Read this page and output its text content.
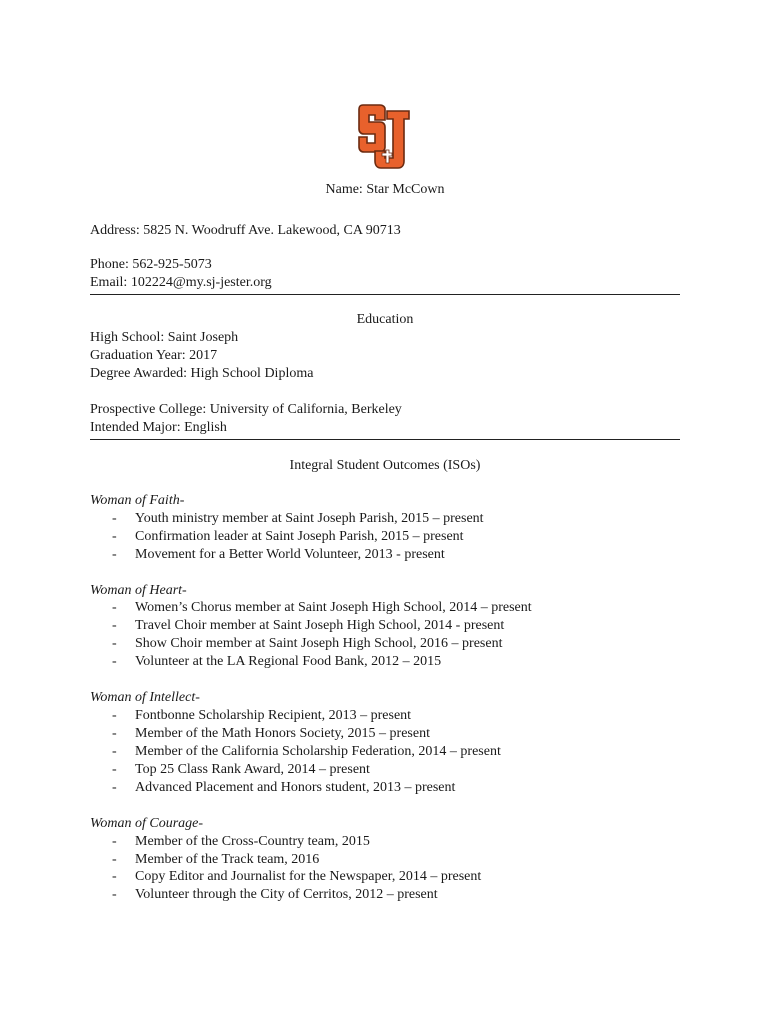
Name: Star McCown
Address: 5825 N. Woodruff Ave. Lakewood, CA 90713
Phone: 562-925-5073
Email: 102224@my.sj-jester.org
Education
High School: Saint Joseph
Graduation Year: 2017
Degree Awarded: High School Diploma
Prospective College: University of California, Berkeley
Intended Major: English
Integral Student Outcomes (ISOs)
Woman of Faith-
- Youth ministry member at Saint Joseph Parish, 2015 – present
- Confirmation leader at Saint Joseph Parish, 2015 – present
- Movement for a Better World Volunteer, 2013 - present
Woman of Heart-
- Women’s Chorus member at Saint Joseph High School, 2014 – present
- Travel Choir member at Saint Joseph High School, 2014 - present
- Show Choir member at Saint Joseph High School, 2016 – present
- Volunteer at the LA Regional Food Bank, 2012 – 2015
Woman of Intellect-
- Fontbonne Scholarship Recipient, 2013 – present
- Member of the Math Honors Society, 2015 – present
- Member of the California Scholarship Federation, 2014 – present
- Top 25 Class Rank Award, 2014 – present
- Advanced Placement and Honors student, 2013 – present
Woman of Courage-
- Member of the Cross-Country team, 2015
- Member of the Track team, 2016
- Copy Editor and Journalist for the Newspaper, 2014 – present
- Volunteer through the City of Cerritos, 2012 – present
